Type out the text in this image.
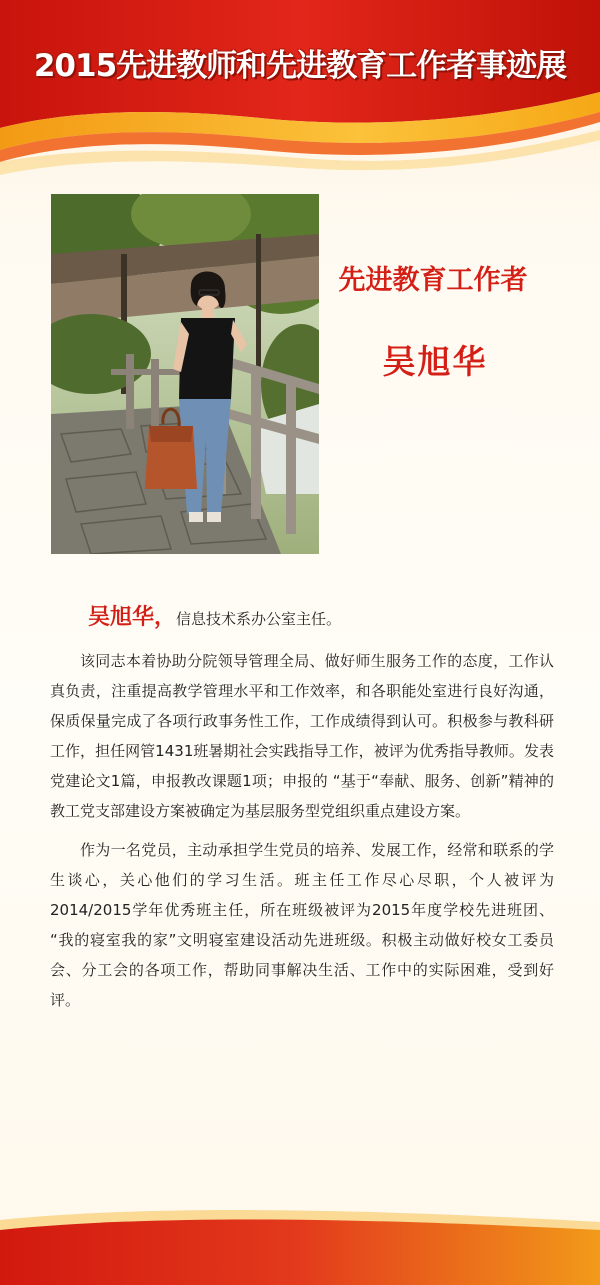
2015先进教师和先进教育工作者事迹展
先进教育工作者
吴旭华
吴旭华， 信息技术系办公室主任。

该同志本着协助分院领导管理全局、做好师生服务工作的态度，工作认真负责，注重提高教学管理水平和工作效率，和各职能处室进行良好沟通，保质保量完成了各项行政事务性工作，工作成绩得到认可。积极参与教科研工作，担任网管1431班暑期社会实践指导工作，被评为优秀指导教师。发表党建论文1篇，申报教改课题1项；申报的 “基于“奉献、服务、创新”精神的教工党支部建设方案被确定为基层服务型党组织重点建设方案。

作为一名党员，主动承担学生党员的培养、发展工作，经常和联系的学生谈心，关心他们的学习生活。班主任工作尽心尽职，个人被评为2014/2015学年优秀班主任，所在班级被评为2015年度学校先进班团、 “我的寝室我的家”文明寝室建设活动先进班级。积极主动做好校女工委员会、分工会的各项工作，帮助同事解决生活、工作中的实际困难，受到好评。
